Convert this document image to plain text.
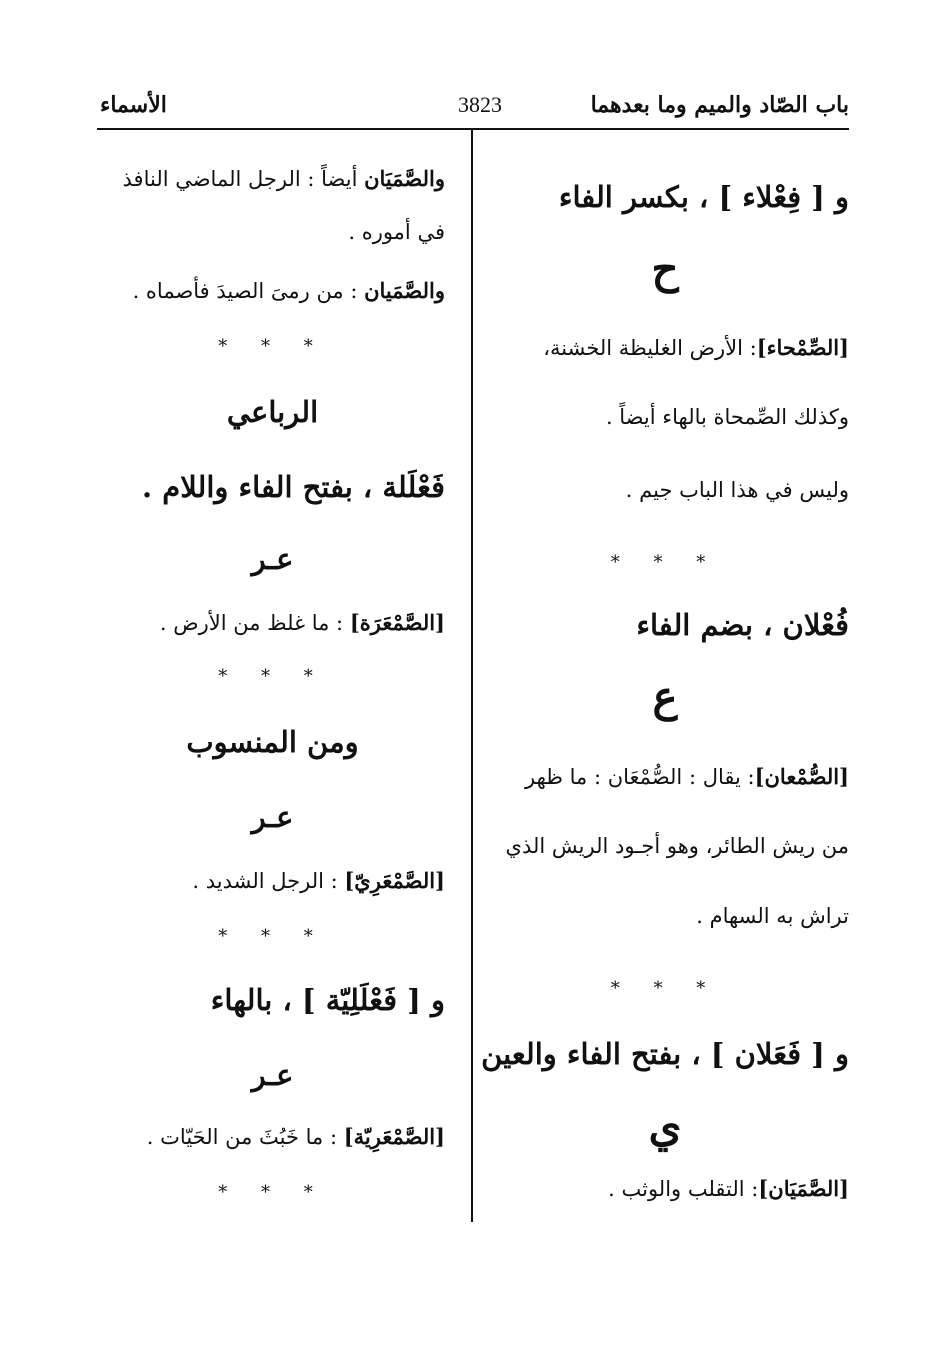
باب الصّاد والميم وما بعدهما
3823
الأسماء
و [ فِعْلاء ] ، بكسر الفاء
ح
[الصِّمْحاء]: الأرض الغليظة الخشنة،
وكذلك الصِّمحاة بالهاء أيضاً .
وليس في هذا الباب جيم .
* * *
فُعْلان ، بضم الفاء
ع
[الصُّمْعان]: يقال : الصُّمْعَان : ما ظهر
من ريش الطائر، وهو أجـود الريش الذي
تراش به السهام .
* * *
و [ فَعَلان ] ، بفتح الفاء والعين
ي
[الصَّمَيَان]: التقلب والوثب .
والصَّمَيَان أيضاً : الرجل الماضي النافذ
في أموره .
والصَّمَيان : من رمىَ الصيدَ فأصماه .
* * *
الرباعي
فَعْلَلة ، بفتح الفاء واللام .
عـر
[الصَّمْعَرَة] : ما غلظ من الأرض .
* * *
ومن المنسوب
عـر
[الصَّمْعَرِيّ] : الرجل الشديد .
* * *
و [ فَعْلَلِيّة ] ، بالهاء
عـر
[الصَّمْعَرِيّة] : ما خَبُثَ من الحَيّات .
* * *
